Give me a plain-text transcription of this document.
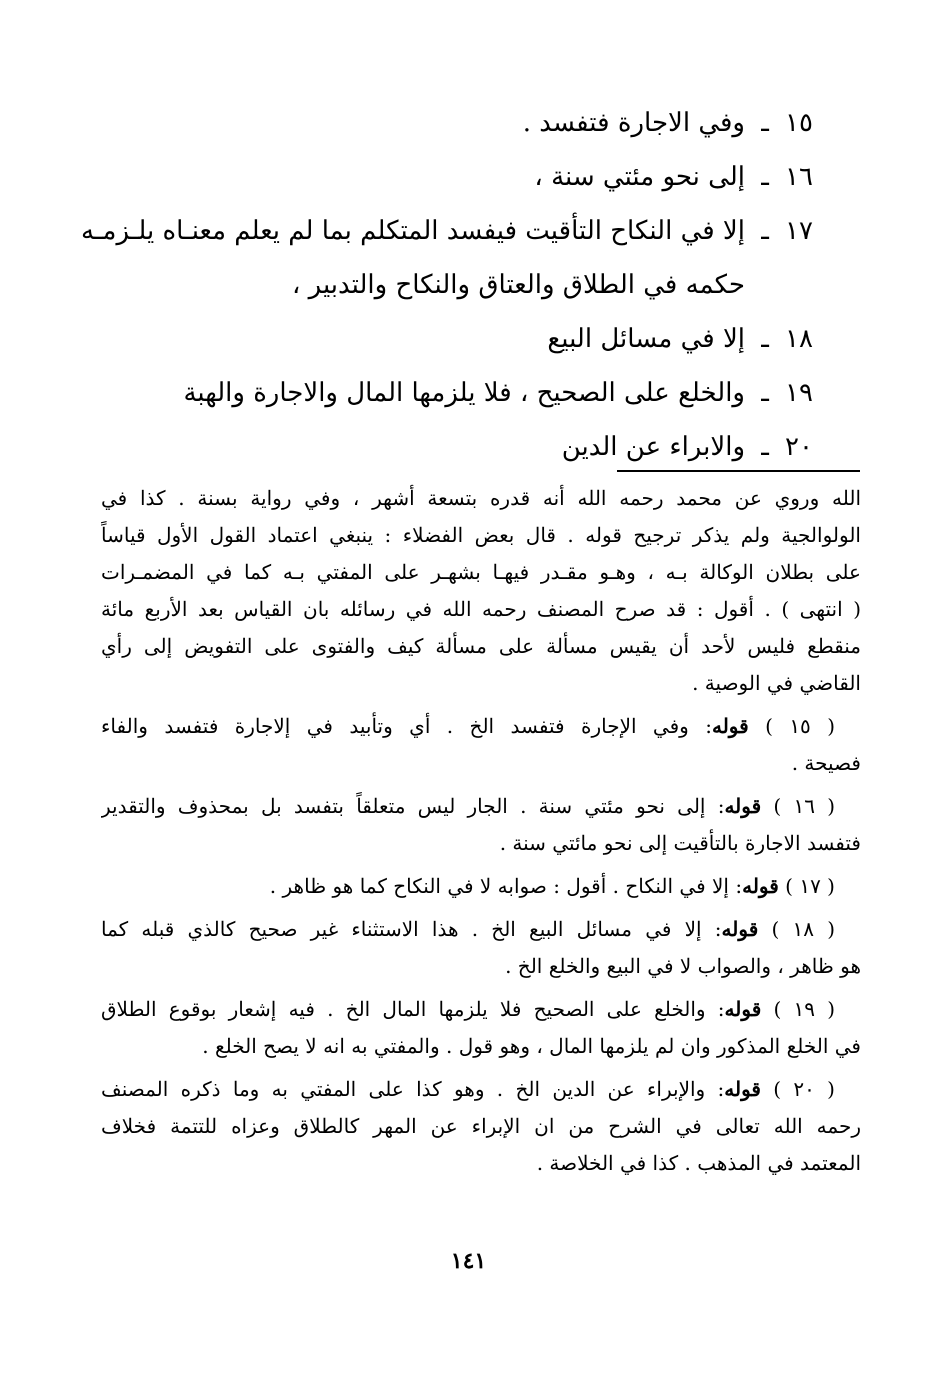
١٥
ـ
وفي الاجارة فتفسد .
١٦
ـ
إلى نحو مئتي سنة ،
١٧
ـ
إلا في النكاح التأقيت فيفسد المتكلم بما لم يعلم معنـاه يلـزمـه
حكمه في الطلاق والعتاق والنكاح والتدبير ،
١٨
ـ
إلا في مسائل البيع
١٩
ـ
والخلع على الصحيح ، فلا يلزمها المال والاجارة والهبة
٢٠
ـ
والابراء عن الدين
الله وروي عن محمد رحمه الله أنه قدره بتسعة أشهر ، وفي رواية بسنة . كذا في
الولوالجية ولم يذكر ترجيح قوله . قال بعض الفضلاء : ينبغي اعتماد القول الأول قياساً
على بطلان الوكالة بـه ، وهـو مقـدر فيهـا بشهـر على المفتي بـه كما في المضمـرات
( انتهى ) . أقول : قد صرح المصنف رحمه الله في رسائله بان القياس بعد الأربع مائة
منقطع فليس لأحد أن يقيس مسألة على مسألة كيف والفتوى على التفويض إلى رأي
القاضي في الوصية .
( ١٥ ) قوله: وفي الإجارة فتفسد الخ . أي وتأبيد في إلاجارة فتفسد والفاء
فصيحة .
( ١٦ ) قوله: إلى نحو مئتي سنة . الجار ليس متعلقاً بتفسد بل بمحذوف والتقدير
فتفسد الاجارة بالتأقيت إلى نحو مائتي سنة .
( ١٧ ) قوله: إلا في النكاح . أقول : صوابه لا في النكاح كما هو ظاهر .
( ١٨ ) قوله: إلا في مسائل البيع الخ . هذا الاستثناء غير صحيح كالذي قبله كما
هو ظاهر ، والصواب لا في البيع والخلع الخ .
( ١٩ ) قوله: والخلع على الصحيح فلا يلزمها المال الخ . فيه إشعار بوقوع الطلاق
في الخلع المذكور وان لم يلزمها المال ، وهو قول . والمفتي به انه لا يصح الخلع .
( ٢٠ ) قوله: والإبراء عن الدين الخ . وهو كذا على المفتي به وما ذكره المصنف
رحمه الله تعالى في الشرح من ان الإبراء عن المهر كالطلاق وعزاه للتتمة فخلاف
المعتمد في المذهب . كذا في الخلاصة .
١٤١
